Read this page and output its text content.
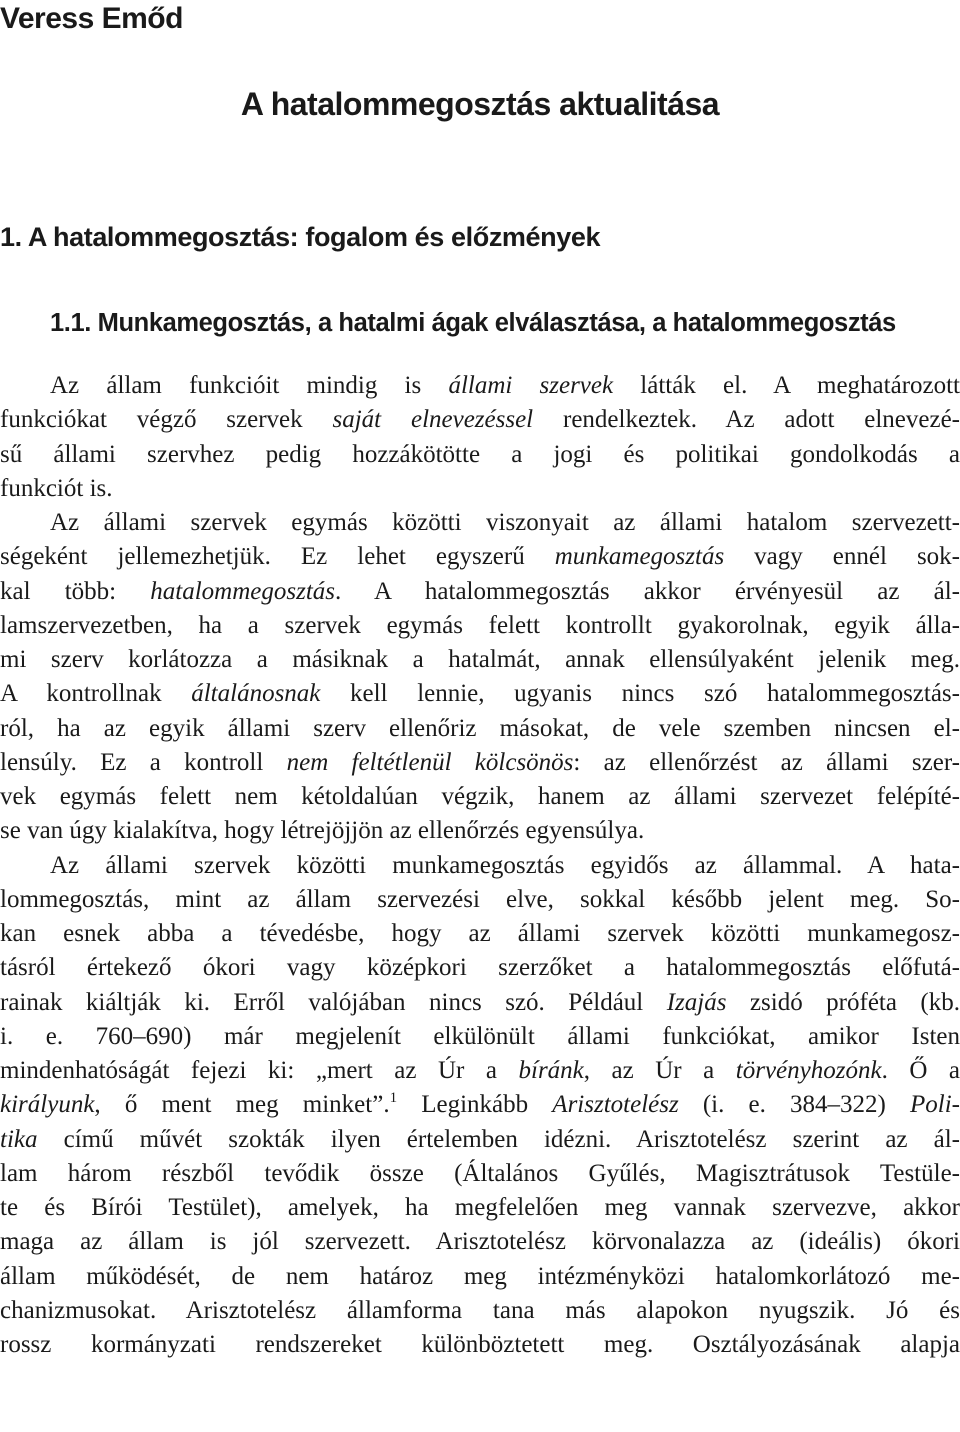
Veress Emőd
A hatalommegosztás aktualitása
1. A hatalommegosztás: fogalom és előzmények
1.1. Munkamegosztás, a hatalmi ágak elválasztása, a hatalommegosztás
Az állam funkcióit mindig is állami szervek látták el. A meghatározott
funkciókat végző szervek saját elnevezéssel rendelkeztek. Az adott elnevezé-
sű állami szervhez pedig hozzákötötte a jogi és politikai gondolkodás a
funkciót is.
Az állami szervek egymás közötti viszonyait az állami hatalom szervezett-
ségeként jellemezhetjük. Ez lehet egyszerű munkamegosztás vagy ennél sok-
kal több: hatalommegosztás. A hatalommegosztás akkor érvényesül az ál-
lamszervezetben, ha a szervek egymás felett kontrollt gyakorolnak, egyik álla-
mi szerv korlátozza a másiknak a hatalmát, annak ellensúlyaként jelenik meg.
A kontrollnak általánosnak kell lennie, ugyanis nincs szó hatalommegosztás-
ról, ha az egyik állami szerv ellenőriz másokat, de vele szemben nincsen el-
lensúly. Ez a kontroll nem feltétlenül kölcsönös: az ellenőrzést az állami szer-
vek egymás felett nem kétoldalúan végzik, hanem az állami szervezet felépíté-
se van úgy kialakítva, hogy létrejöjjön az ellenőrzés egyensúlya.
Az állami szervek közötti munkamegosztás egyidős az állammal. A hata-
lommegosztás, mint az állam szervezési elve, sokkal később jelent meg. So-
kan esnek abba a tévedésbe, hogy az állami szervek közötti munkamegosz-
tásról értekező ókori vagy középkori szerzőket a hatalommegosztás előfutá-
rainak kiáltják ki. Erről valójában nincs szó. Például Izajás zsidó próféta (kb.
i. e. 760–690) már megjelenít elkülönült állami funkciókat, amikor Isten
mindenhatóságát fejezi ki: „mert az Úr a bíránk, az Úr a törvényhozónk. Ő a
királyunk, ő ment meg minket”.$^1$ Leginkább Arisztotelész (i. e. 384–322) Poli-
tika című művét szokták ilyen értelemben idézni. Arisztotelész szerint az ál-
lam három részből tevődik össze (Általános Gyűlés, Magisztrátusok Testüle-
te és Bírói Testület), amelyek, ha megfelelően meg vannak szervezve, akkor
maga az állam is jól szervezett. Arisztotelész körvonalazza az (ideális) ókori
állam működését, de nem határoz meg intézményközi hatalomkorlátozó me-
chanizmusokat. Arisztotelész államforma tana más alapokon nyugszik. Jó és
rossz kormányzati rendszereket különböztetett meg. Osztályozásának alapja
